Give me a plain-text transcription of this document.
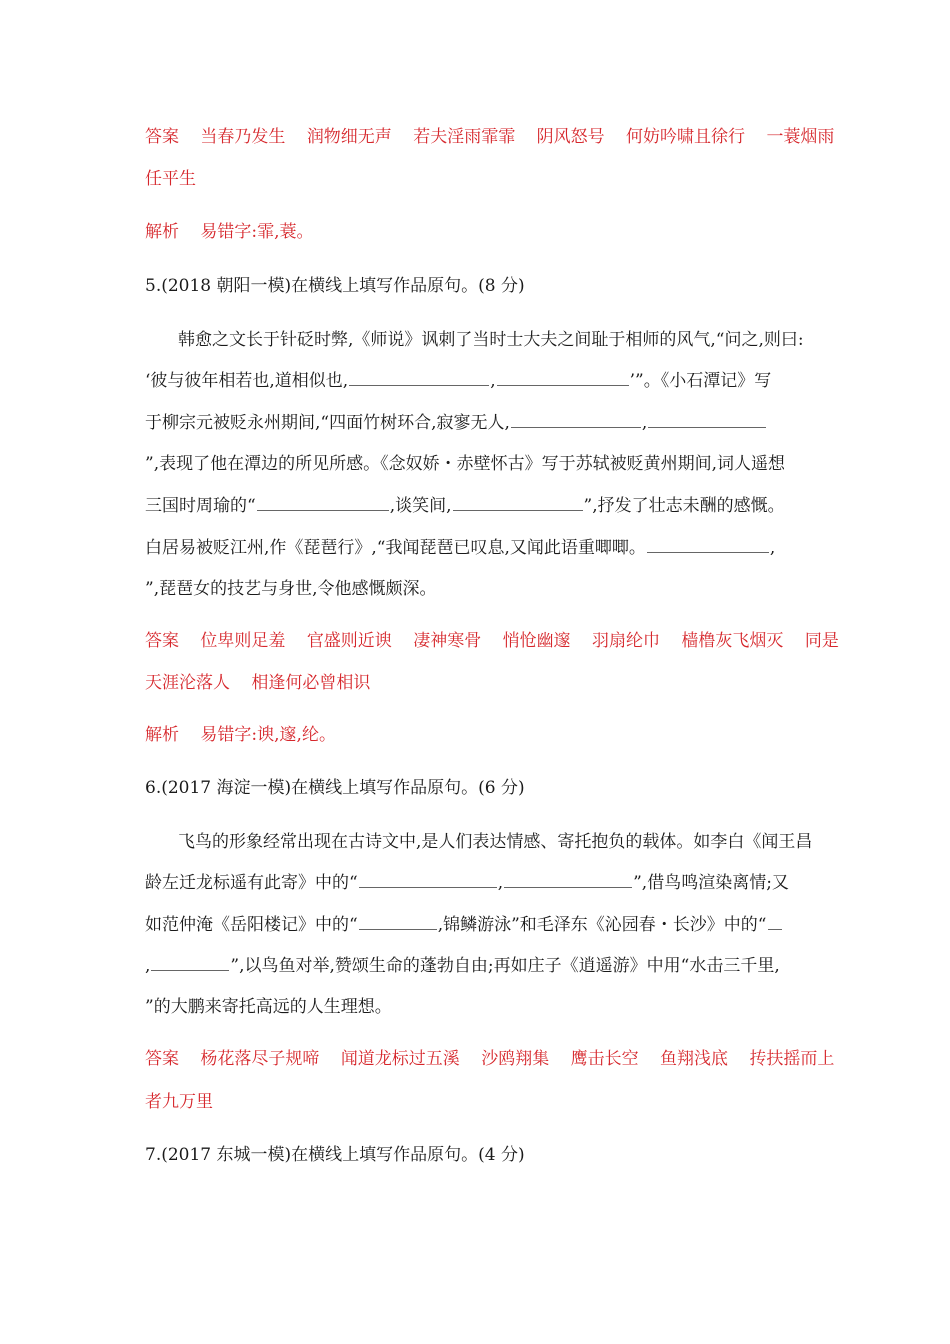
答案 当春乃发生 润物细无声 若夫淫雨霏霏 阴风怒号 何妨吟啸且徐行 一蓑烟雨
任平生
解析 易错字:霏,蓑。
5.(2018 朝阳一模)在横线上填写作品原句。(8 分)
韩愈之文长于针砭时弊,《师说》讽刺了当时士大夫之间耻于相师的风气,“问之,则曰:
‘彼与彼年相若也,道相似也,	,	’”。《小石潭记》写
于柳宗元被贬永州期间,“四面竹树环合,寂寥无人,	,
”,表现了他在潭边的所见所感。《念奴娇・赤壁怀古》写于苏轼被贬黄州期间,词人遥想
三国时周瑜的“	,谈笑间,	”,抒发了壮志未酬的感慨。
白居易被贬江州,作《琵琶行》,“我闻琵琶已叹息,又闻此语重唧唧。	,
”,琵琶女的技艺与身世,令他感慨颇深。
答案 位卑则足羞 官盛则近谀 凄神寒骨 悄怆幽邃 羽扇纶巾 樯橹灰飞烟灭 同是
天涯沦落人 相逢何必曾相识
解析 易错字:谀,邃,纶。
6.(2017 海淀一模)在横线上填写作品原句。(6 分)
飞鸟的形象经常出现在古诗文中,是人们表达情感、寄托抱负的载体。如李白《闻王昌
龄左迁龙标遥有此寄》中的“	,	”,借鸟鸣渲染离情;又
如范仲淹《岳阳楼记》中的“	,锦鳞游泳”和毛泽东《沁园春・长沙》中的“
,	”,以鸟鱼对举,赞颂生命的蓬勃自由;再如庄子《逍遥游》中用“水击三千里,
”的大鹏来寄托高远的人生理想。
答案 杨花落尽子规啼 闻道龙标过五溪 沙鸥翔集 鹰击长空 鱼翔浅底 抟扶摇而上
者九万里
7.(2017 东城一模)在横线上填写作品原句。(4 分)
